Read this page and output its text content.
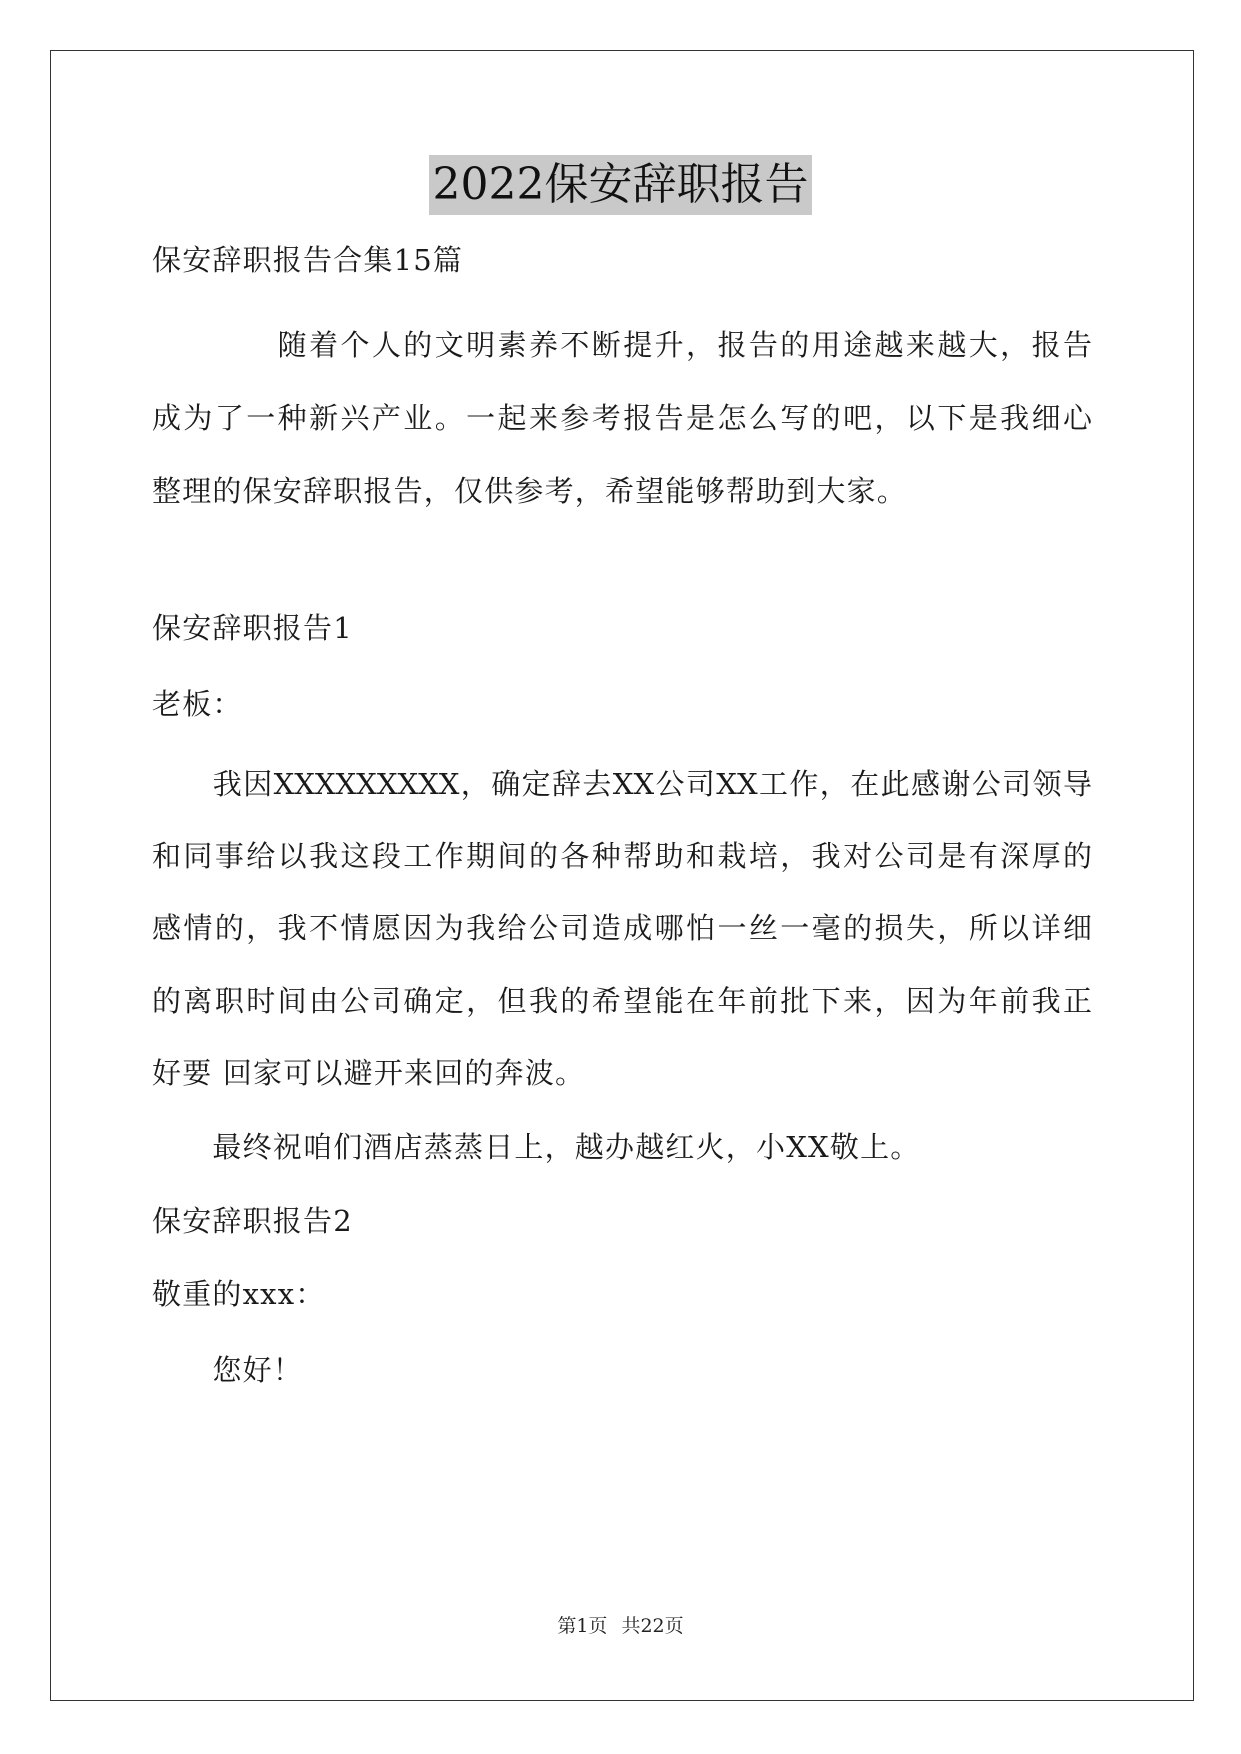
2022保安辞职报告
保安辞职报告合集15篇
　　　　随着个人的文明素养不断提升，报告的用途越来越大，报告
成为了一种新兴产业。一起来参考报告是怎么写的吧，以下是我细心
整理的保安辞职报告，仅供参考，希望能够帮助到大家。
保安辞职报告1
老板：
　　我因XXXXXXXXX，确定辞去XX公司XX工作，在此感谢公司领导
和同事给以我这段工作期间的各种帮助和栽培，我对公司是有深厚的
感情的，我不情愿因为我给公司造成哪怕一丝一毫的损失，所以详细
的离职时间由公司确定，但我的希望能在年前批下来，因为年前我正
好要 回家可以避开来回的奔波。
　　最终祝咱们酒店蒸蒸日上，越办越红火，小XX敬上。
保安辞职报告2
敬重的xxx：
　　您好！
第1页 共22页
